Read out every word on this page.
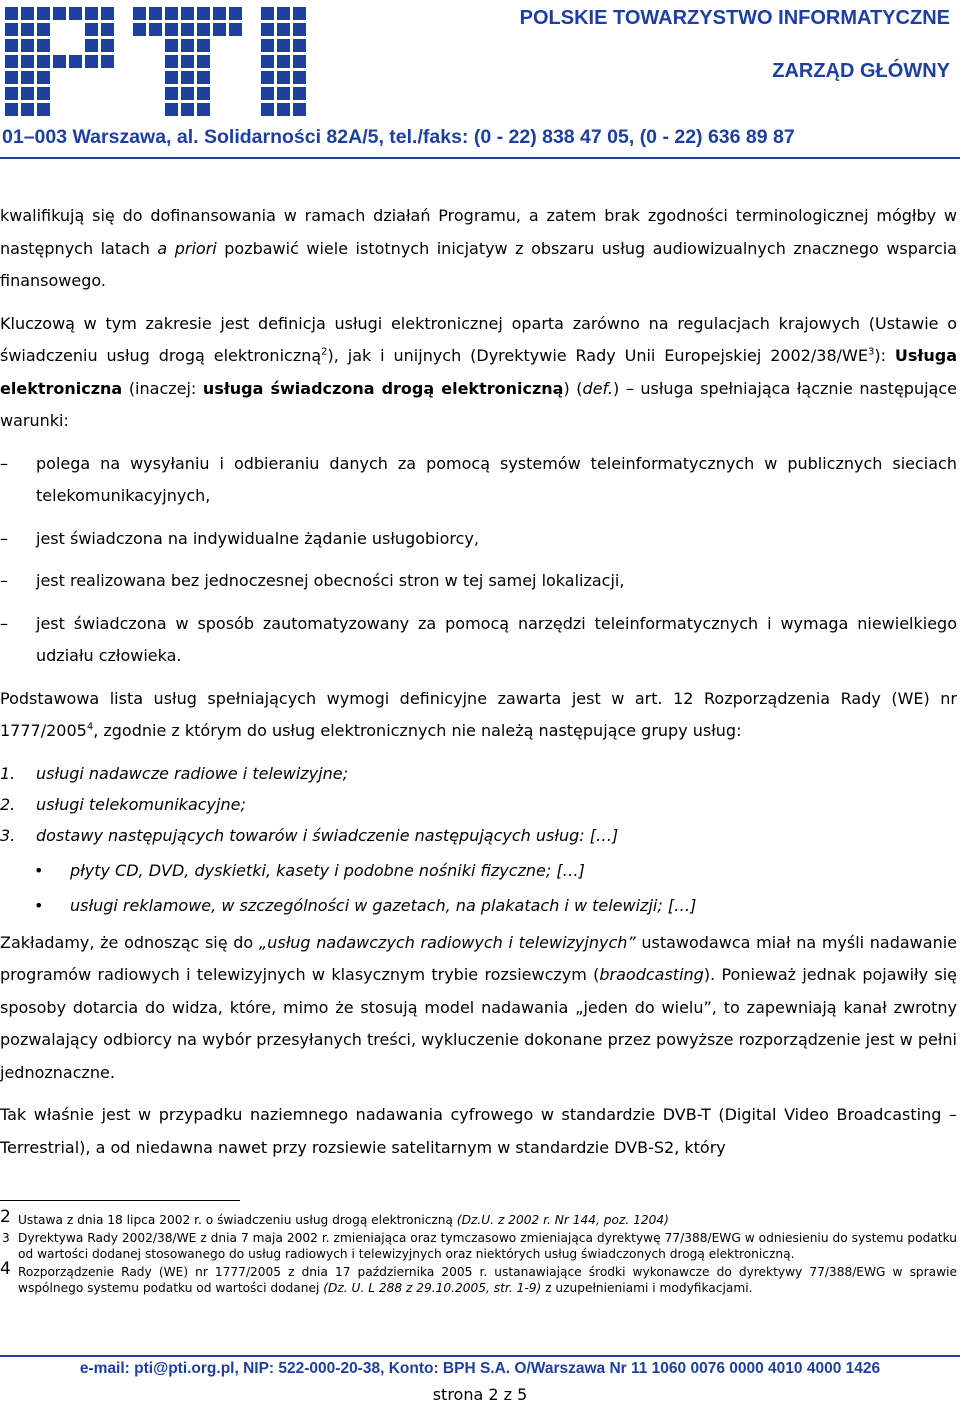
POLSKIE TOWARZYSTWO INFORMATYCZNE
ZARZĄD GŁÓWNY
01–003 Warszawa, al. Solidarności 82A/5, tel./faks: (0 - 22) 838 47 05, (0 - 22) 636 89 87

kwalifikują się do dofinansowania w ramach działań Programu, a zatem brak zgodności terminologicznej mógłby w następnych latach a priori pozbawić wiele istotnych inicjatyw z obszaru usług audiowizualnych znacznego wsparcia finansowego.

Kluczową w tym zakresie jest definicja usługi elektronicznej oparta zarówno na regulacjach krajowych (Ustawie o świadczeniu usług drogą elektroniczną$^2$), jak i unijnych (Dyrektywie Rady Unii Europejskiej $2002/38/WE^3$): Usługa elektroniczna (inaczej: usługa świadczona drogą elektroniczną) (def.) – usługa spełniająca łącznie następujące warunki:

– polega na wysyłaniu i odbieraniu danych za pomocą systemów teleinformatycznych w publicznych sieciach telekomunikacyjnych,
– jest świadczona na indywidualne żądanie usługobiorcy,
– jest realizowana bez jednoczesnej obecności stron w tej samej lokalizacji,
– jest świadczona w sposób zautomatyzowany za pomocą narzędzi teleinformatycznych i wymaga niewielkiego udziału człowieka.

Podstawowa lista usług spełniających wymogi definicyjne zawarta jest w art. 12 Rozporządzenia Rady (WE) nr 1777/2005$^4$, zgodnie z którym do usług elektronicznych nie należą następujące grupy usług:

1. usługi nadawcze radiowe i telewizyjne;
2. usługi telekomunikacyjne;
3. dostawy następujących towarów i świadczenie następujących usług: […]
• płyty CD, DVD, dyskietki, kasety i podobne nośniki fizyczne; […]
• usługi reklamowe, w szczególności w gazetach, na plakatach i w telewizji; […]

Zakładamy, że odnosząc się do „usług nadawczych radiowych i telewizyjnych” ustawodawca miał na myśli nadawanie programów radiowych i telewizyjnych w klasycznym trybie rozsiewczym (braodcasting). Ponieważ jednak pojawiły się sposoby dotarcia do widza, które, mimo że stosują model nadawania „jeden do wielu”, to zapewniają kanał zwrotny pozwalający odbiorcy na wybór przesyłanych treści, wykluczenie dokonane przez powyższe rozporządzenie jest w pełni jednoznaczne.

Tak właśnie jest w przypadku naziemnego nadawania cyfrowego w standardzie DVB-T (Digital Video Broadcasting – Terrestrial), a od niedawna nawet przy rozsiewie satelitarnym w standardzie DVB-S2, który

2 Ustawa z dnia 18 lipca 2002 r. o świadczeniu usług drogą elektroniczną (Dz.U. z 2002 r. Nr 144, poz. 1204)
3 Dyrektywa Rady 2002/38/WE z dnia 7 maja 2002 r. zmieniająca oraz tymczasowo zmieniająca dyrektywę 77/388/EWG w odniesieniu do systemu podatku od wartości dodanej stosowanego do usług radiowych i telewizyjnych oraz niektórych usług świadczonych drogą elektroniczną.
4 Rozporządzenie Rady (WE) nr 1777/2005 z dnia 17 października 2005 r. ustanawiające środki wykonawcze do dyrektywy 77/388/EWG w sprawie wspólnego systemu podatku od wartości dodanej (Dz. U. L 288 z 29.10.2005, str. 1-9) z uzupełnieniami i modyfikacjami.
e-mail: pti@pti.org.pl, NIP: 522-000-20-38, Konto: BPH S.A. O/Warszawa Nr 11 1060 0076 0000 4010 4000 1426
strona 2 z 5
